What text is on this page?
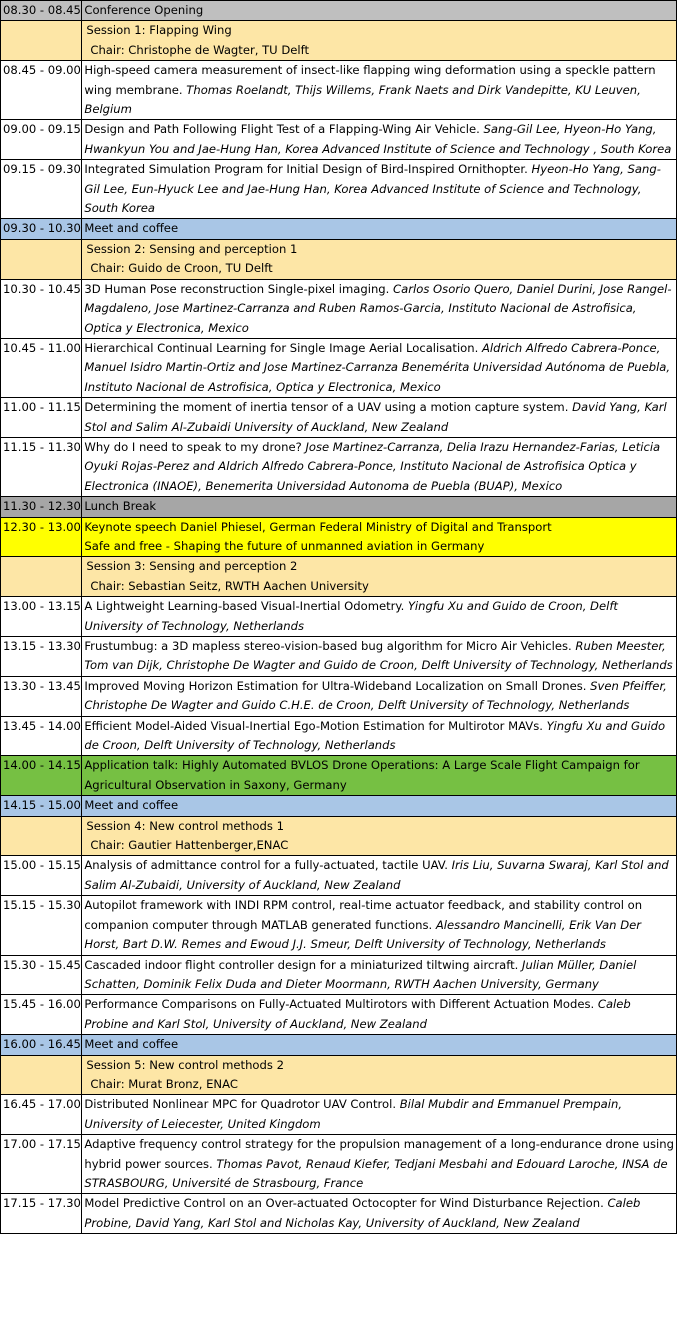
08.30 - 08.45	Conference Opening

	Session 1: Flapping Wing
Chair: Christophe de Wagter, TU Delft

08.45 - 09.00	High-speed camera measurement of insect-like flapping wing deformation using a speckle pattern wing membrane. Thomas Roelandt, Thijs Willems, Frank Naets and Dirk Vandepitte, KU Leuven, Belgium
09.00 - 09.15	Design and Path Following Flight Test of a Flapping-Wing Air Vehicle. Sang-Gil Lee, Hyeon-Ho Yang, Hwankyun You and Jae-Hung Han, Korea Advanced Institute of Science and Technology , South Korea
09.15 - 09.30	Integrated Simulation Program for Initial Design of Bird-Inspired Ornithopter. Hyeon-Ho Yang, Sang-Gil Lee, Eun-Hyuck Lee and Jae-Hung Han, Korea Advanced Institute of Science and Technology, South Korea
09.30 - 10.30	Meet and coffee

	Session 2: Sensing and perception 1
Chair: Guido de Croon, TU Delft

10.30 - 10.45	3D Human Pose reconstruction Single-pixel imaging. Carlos Osorio Quero, Daniel Durini, Jose Rangel-Magdaleno, Jose Martinez-Carranza and Ruben Ramos-Garcia, Instituto Nacional de Astrofisica, Optica y Electronica, Mexico
10.45 - 11.00	Hierarchical Continual Learning for Single Image Aerial Localisation. Aldrich Alfredo Cabrera-Ponce, Manuel Isidro Martin-Ortiz and Jose Martinez-Carranza Benemérita Universidad Autónoma de Puebla, Instituto Nacional de Astrofisica, Optica y Electronica, Mexico
11.00 - 11.15	Determining the moment of inertia tensor of a UAV using a motion capture system. David Yang, Karl Stol and Salim Al-Zubaidi University of Auckland, New Zealand
11.15 - 11.30	Why do I need to speak to my drone? Jose Martinez-Carranza, Delia Irazu Hernandez-Farias, Leticia Oyuki Rojas-Perez and Aldrich Alfredo Cabrera-Ponce, Instituto Nacional de Astrofisica Optica y Electronica (INAOE), Benemerita Universidad Autonoma de Puebla (BUAP), Mexico
11.30 - 12.30	Lunch Break
12.30 - 13.00	Keynote speech Daniel Phiesel, German Federal Ministry of Digital and Transport
Safe and free - Shaping the future of unmanned aviation in Germany

	Session 3: Sensing and perception 2
Chair: Sebastian Seitz, RWTH Aachen University

13.00 - 13.15	A Lightweight Learning-based Visual-Inertial Odometry. Yingfu Xu and Guido de Croon, Delft University of Technology, Netherlands
13.15 - 13.30	Frustumbug: a 3D mapless stereo-vision-based bug algorithm for Micro Air Vehicles. Ruben Meester, Tom van Dijk, Christophe De Wagter and Guido de Croon, Delft University of Technology, Netherlands
13.30 - 13.45	Improved Moving Horizon Estimation for Ultra-Wideband Localization on Small Drones. Sven Pfeiffer, Christophe De Wagter and Guido C.H.E. de Croon, Delft University of Technology, Netherlands
13.45 - 14.00	Efficient Model-Aided Visual-Inertial Ego-Motion Estimation for Multirotor MAVs. Yingfu Xu and Guido de Croon, Delft University of Technology, Netherlands
14.00 - 14.15	Application talk: Highly Automated BVLOS Drone Operations: A Large Scale Flight Campaign for Agricultural Observation in Saxony, Germany
14.15 - 15.00	Meet and coffee

	Session 4: New control methods 1
Chair: Gautier Hattenberger,ENAC

15.00 - 15.15	Analysis of admittance control for a fully-actuated, tactile UAV. Iris Liu, Suvarna Swaraj, Karl Stol and Salim Al-Zubaidi, University of Auckland, New Zealand
15.15 - 15.30	Autopilot framework with INDI RPM control, real-time actuator feedback, and stability control on companion computer through MATLAB generated functions. Alessandro Mancinelli, Erik Van Der Horst, Bart D.W. Remes and Ewoud J.J. Smeur, Delft University of Technology, Netherlands
15.30 - 15.45	Cascaded indoor flight controller design for a miniaturized tiltwing aircraft. Julian Müller, Daniel Schatten, Dominik Felix Duda and Dieter Moormann, RWTH Aachen University, Germany
15.45 - 16.00	Performance Comparisons on Fully-Actuated Multirotors with Different Actuation Modes. Caleb Probine and Karl Stol, University of Auckland, New Zealand
16.00 - 16.45	Meet and coffee

	Session 5: New control methods 2
Chair: Murat Bronz, ENAC

16.45 - 17.00	Distributed Nonlinear MPC for Quadrotor UAV Control. Bilal Mubdir and Emmanuel Prempain, University of Leiecester, United Kingdom
17.00 - 17.15	Adaptive frequency control strategy for the propulsion management of a long-endurance drone using hybrid power sources. Thomas Pavot, Renaud Kiefer, Tedjani Mesbahi and Edouard Laroche, INSA de STRASBOURG, Université de Strasbourg, France
17.15 - 17.30	Model Predictive Control on an Over-actuated Octocopter for Wind Disturbance Rejection. Caleb Probine, David Yang, Karl Stol and Nicholas Kay, University of Auckland, New Zealand
